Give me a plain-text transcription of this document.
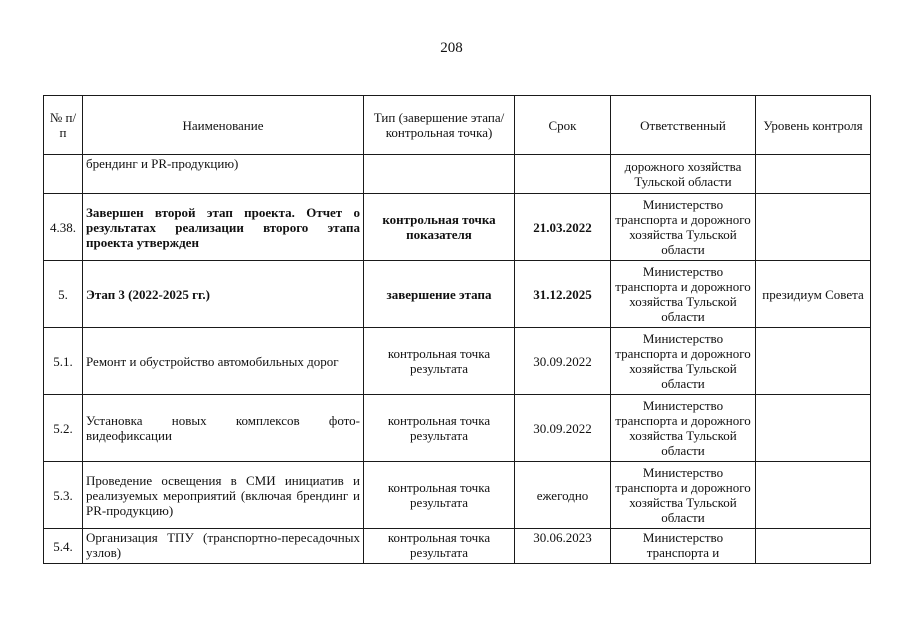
208
№ п/п	Наименование	Тип (завершение этапа/контрольная точка)	Срок	Ответственный	Уровень контроля
	брендинг и PR-продукцию)			дорожного хозяйства Тульской области	
4.38.	Завершен второй этап проекта. Отчет о результатах реализации второго этапа проекта утвержден	контрольная точка показателя	21.03.2022	Министерство транспорта и дорожного хозяйства Тульской области	
5.	Этап 3 (2022-2025 гг.)	завершение этапа	31.12.2025	Министерство транспорта и дорожного хозяйства Тульской области	президиум Совета
5.1.	Ремонт и обустройство автомобильных дорог	контрольная точка результата	30.09.2022	Министерство транспорта и дорожного хозяйства Тульской области	
5.2.	Установка новых комплексов фото-видеофиксации	контрольная точка результата	30.09.2022	Министерство транспорта и дорожного хозяйства Тульской области	
5.3.	Проведение освещения в СМИ инициатив и реализуемых мероприятий (включая брендинг и PR-продукцию)	контрольная точка результата	ежегодно	Министерство транспорта и дорожного хозяйства Тульской области	
5.4.	Организация ТПУ (транспортно-пересадочных узлов)	контрольная точка результата	30.06.2023	Министерство транспорта и	
